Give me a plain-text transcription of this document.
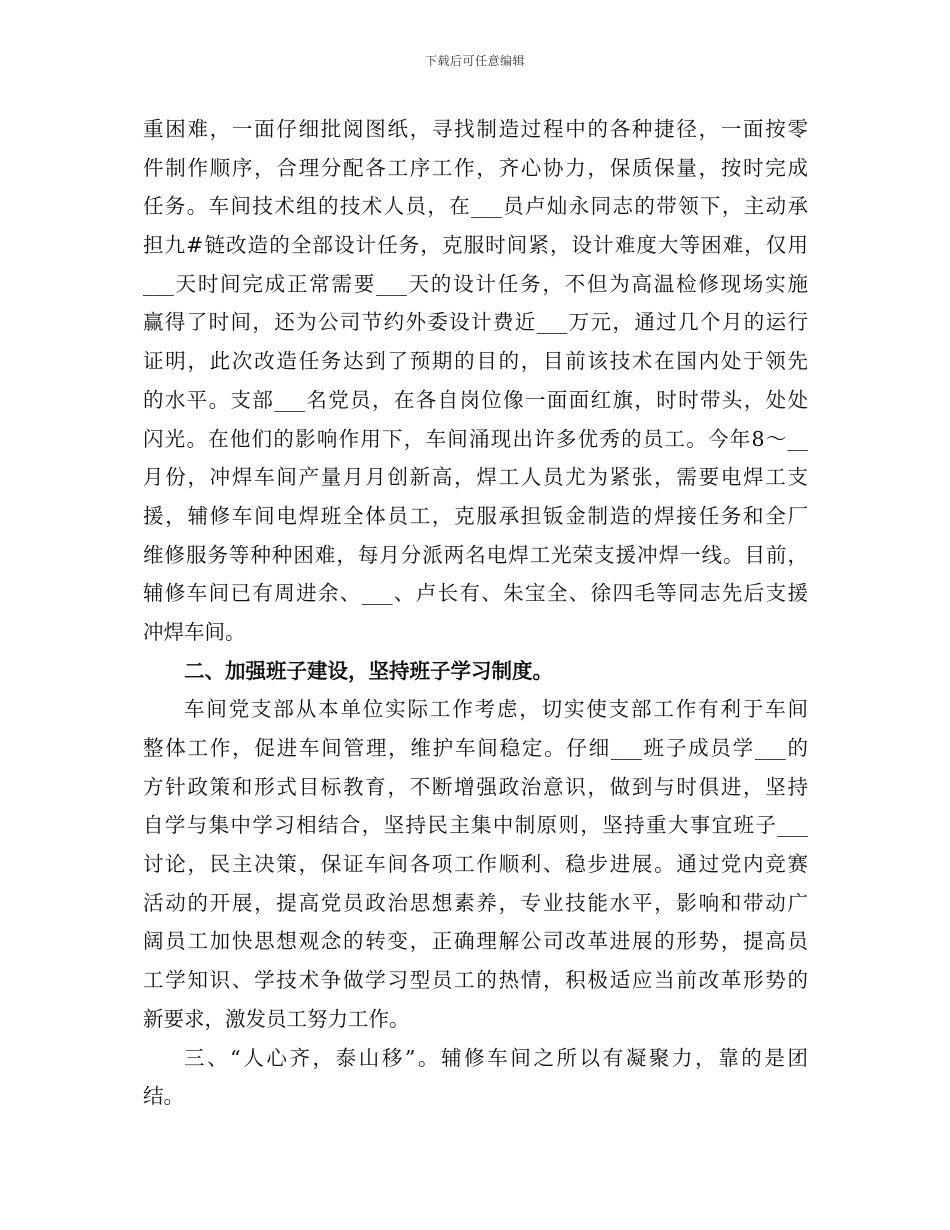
下载后可任意编辑
重困难，一面仔细批阅图纸，寻找制造过程中的各种捷径，一面按零
件制作顺序，合理分配各工序工作，齐心协力，保质保量，按时完成
任务。车间技术组的技术人员，在___员卢灿永同志的带领下，主动承
担九#链改造的全部设计任务，克服时间紧，设计难度大等困难，仅用
___天时间完成正常需要___天的设计任务，不但为高温检修现场实施
赢得了时间，还为公司节约外委设计费近___万元，通过几个月的运行
证明，此次改造任务达到了预期的目的，目前该技术在国内处于领先
的水平。支部___名党员，在各自岗位像一面面红旗，时时带头，处处
闪光。在他们的影响作用下，车间涌现出许多优秀的员工。今年8～__
月份，冲焊车间产量月月创新高，焊工人员尤为紧张，需要电焊工支
援，辅修车间电焊班全体员工，克服承担钣金制造的焊接任务和全厂
维修服务等种种困难，每月分派两名电焊工光荣支援冲焊一线。目前，
辅修车间已有周进余、___、卢长有、朱宝全、徐四毛等同志先后支援
冲焊车间。
二、加强班子建设，坚持班子学习制度。
车间党支部从本单位实际工作考虑，切实使支部工作有利于车间
整体工作，促进车间管理，维护车间稳定。仔细___班子成员学___的
方针政策和形式目标教育，不断增强政治意识，做到与时俱进，坚持
自学与集中学习相结合，坚持民主集中制原则，坚持重大事宜班子___
讨论，民主决策，保证车间各项工作顺利、稳步进展。通过党内竞赛
活动的开展，提高党员政治思想素养，专业技能水平，影响和带动广
阔员工加快思想观念的转变，正确理解公司改革进展的形势，提高员
工学知识、学技术争做学习型员工的热情，积极适应当前改革形势的
新要求，激发员工努力工作。
三、“人心齐，泰山移”。辅修车间之所以有凝聚力，靠的是团
结。
